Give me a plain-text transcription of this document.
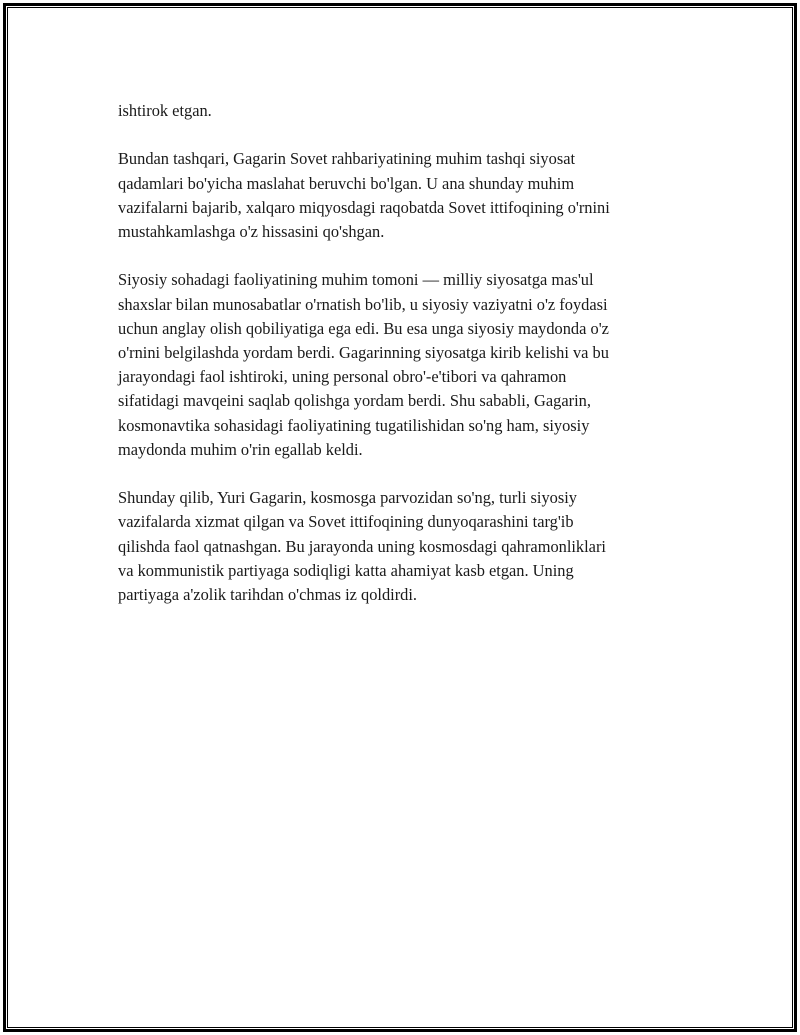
ishtirok etgan.

Bundan tashqari, Gagarin Sovet rahbariyatining muhim tashqi siyosat
qadamlari bo'yicha maslahat beruvchi bo'lgan. U ana shunday muhim
vazifalarni bajarib, xalqaro miqyosdagi raqobatda Sovet ittifoqining o'rnini
mustahkamlashga o'z hissasini qo'shgan.

Siyosiy sohadagi faoliyatining muhim tomoni — milliy siyosatga mas'ul
shaxslar bilan munosabatlar o'rnatish bo'lib, u siyosiy vaziyatni o'z foydasi
uchun anglay olish qobiliyatiga ega edi. Bu esa unga siyosiy maydonda o'z
o'rnini belgilashda yordam berdi. Gagarinning siyosatga kirib kelishi va bu
jarayondagi faol ishtiroki, uning personal obro'-e'tibori va qahramon
sifatidagi mavqeini saqlab qolishga yordam berdi. Shu sababli, Gagarin,
kosmonavtika sohasidagi faoliyatining tugatilishidan so'ng ham, siyosiy
maydonda muhim o'rin egallab keldi.

Shunday qilib, Yuri Gagarin, kosmosga parvozidan so'ng, turli siyosiy
vazifalarda xizmat qilgan va Sovet ittifoqining dunyoqarashini targ'ib
qilishda faol qatnashgan. Bu jarayonda uning kosmosdagi qahramonliklari
va kommunistik partiyaga sodiqligi katta ahamiyat kasb etgan. Uning
partiyaga a'zolik tarihdan o'chmas iz qoldirdi.
